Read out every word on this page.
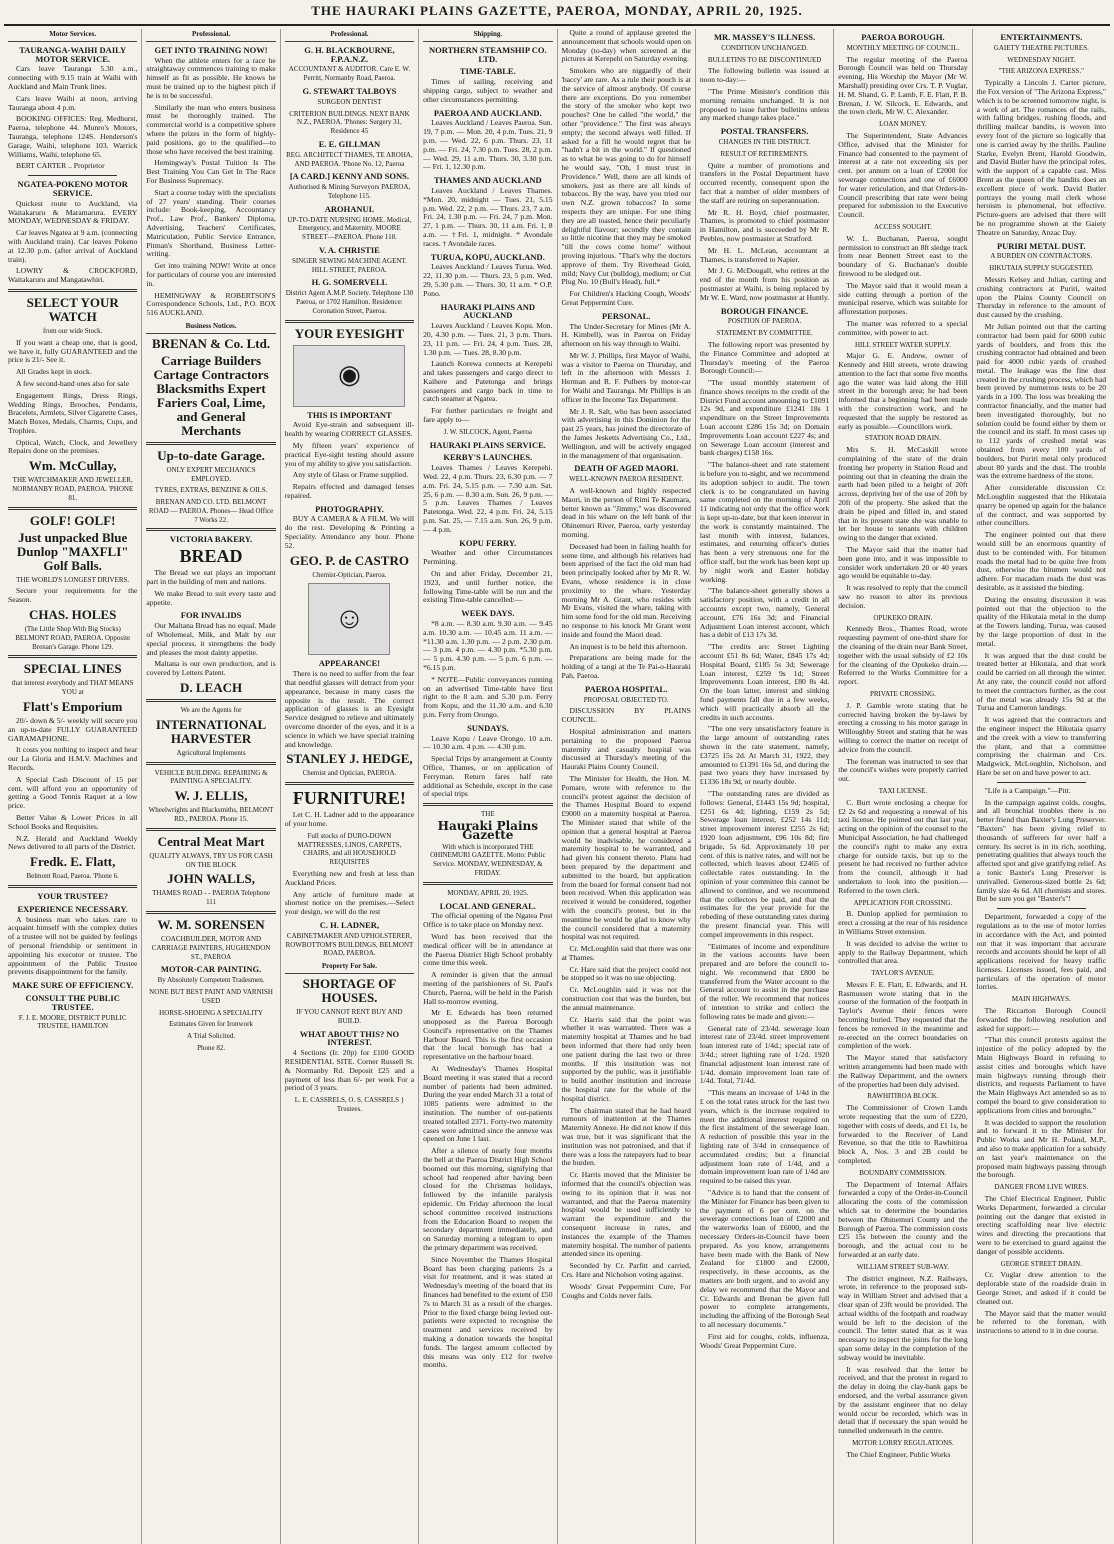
THE HAURAKI PLAINS GAZETTE, PAEROA, MONDAY, APRIL 20, 1925.
Motor Services.
TAURANGA-WAIHI DAILY MOTOR SERVICE.

Cars leave Tauranga 5.30 a.m., connecting with 9.15 train at Waihi with Auckland and Main Trunk lines.

Cars leave Waihi at noon, arriving Tauranga about 4 p.m.

BOOKING OFFICES: Reg. Medhurst, Paeroa, telephone 44. Munro's Motors, Tauranga, telephone 124S. Henderson's Garage, Waihi, telephone 103. Warrick Williams, Waihi, telephone 65.

BERT CARTER .. Proprietor

NGATEA-POKENO MOTOR SERVICE.

Quickest route to Auckland, via Waitakaruru & Maramarura. EVERY MONDAY, WEDNESDAY & FRIDAY.

Car leaves Ngatea at 9 a.m. (connecting with Auckland train). Car leaves Pokeno at 12.30 p.m. (after arrival of Auckland train).

LOWRY & CROCKFORD, Waitakaruru and Mangatawhiri.

SELECT YOUR WATCH
from our wide Stock.

If you want a cheap one, that is good, we have it, fully GUARANTEED and the price is 21/- See it.

All Grades kept in stock.

A few second-hand ones also for sale

Engagement Rings, Dress Rings, Wedding Rings, Brooches, Pendants, Bracelets, Armlets, Silver Cigarette Cases, Match Boxes, Medals, Charms, Cups, and Trophies.

Optical, Watch, Clock, and Jewellery Repairs done on the premises.

Wm. McCullay,
THE WATCHMAKER AND JEWELLER, NORMANBY ROAD, PAEROA. 'PHONE 81.
GOLF! GOLF!
Just unpacked Blue Dunlop "MAXFLI" Golf Balls.
THE WORLD'S LONGEST DRIVERS.

Secure your requirements for the Season.

CHAS. HOLES
(The Little Shop With Big Stocks) BELMONT ROAD, PAEROA. Opposite Brenan's Garage. Phone 129.
SPECIAL LINES
that interest everybody and THAT MEANS YOU at
Flatt's Emporium

20/- down & 5/- weekly will secure you an up-to-date FULLY GUARANTEED GARAMAPHONE.

It costs you nothing to inspect and hear our La Gloria and H.M.V. Machines and Records.

A Special Cash Discount of 15 per cent. will afford you an opportunity of getting a Good Tennis Raquet at a low price.

Better Value & Lower Prices in all School Books and Requisites.

N.Z. Herald and Auckland Weekly News delivered to all parts of the District.

Fredk. E. Flatt,
Belmont Road, Paeroa. 'Phone 6.
YOUR TRUSTEE?
EXPERIENCE NECESSARY.

A business man who takes care to acquaint himself with the complex duties of a trustee will not be guided by feelings of personal friendship or sentiment in appointing his executor or trustee. The appointment of the Public Trustee prevents disappointment for the family.

MAKE SURE OF EFFICIENCY.
CONSULT THE PUBLIC TRUSTEE.
F. J. E. MOORE, DISTRICT PUBLIC TRUSTEE, HAMILTON
Professional.
GET INTO TRAINING NOW!

When the athlete enters for a race he straightaway commences training to make himself as fit as possible. He knows he must be trained up to the highest pitch if he is to be successful.

Similarly the man who enters business must be thoroughly trained. The commercial world is a competitive sphere where the prizes in the form of highly-paid positions, go to the qualified—to those who have received the best training.

Hemingway's Postal Tuition Is The Best Training You Can Get In The Race For Business Supremacy.

Start a course today with the specialists of 27 years' standing. Their courses include: Book-keeping, Accountancy Prof., Law Prof., Bankers' Diploma, Advertising, Teachers' Certificates, Matriculation, Public Service Entrance, Pitman's Shorthand, Business Letter-writing.

Get into training NOW! Write at once for particulars of course you are interested in.

HEMINGWAY & ROBERTSON'S Correspondence Schools, Ltd., P.O. BOX 516 AUCKLAND.

Business Notices.
BRENAN & Co. Ltd.
Carriage Builders Cartage Contractors Blacksmiths Expert Fariers Coal, Lime, and General Merchants
Up-to-date Garage.
ONLY EXPERT MECHANICS EMPLOYED.
TYRES, EXTRAS, BENZINE & OILS.
BRENAN AND CO. LTD. BELMONT ROAD — PAEROA. Phones— Head Office 7 Works 22.
VICTORIA BAKERY.
BREAD

The Bread we eat plays an important part in the building of men and nations.

We make Bread to suit every taste and appetite.

FOR INVALIDS

Our Maltana Bread has no equal. Made of Wholemeal, Milk, and Malt by our special process, it strengthens the body and pleases the most dainty appetite.

Maltana is our own production, and is covered by Letters Patent.

D. LEACH
We are the Agents for
INTERNATIONAL HARVESTER
Agricultural Implements
VEHICLE BUILDING. REPAIRING & PAINTING A SPECIALITY.
W. J. ELLIS,
Wheelwrights and Blacksmiths, BELMONT RD., PAEROA. Phone 15.
Central Meat Mart
QUALITY ALWAYS, TRY US FOR CASH ON THE BLOCK
JOHN WALLS,
THAMES ROAD - - PAEROA Telephone 111
W. M. SORENSEN
COACHBUILDER, MOTOR AND CARRIAGE PAINTERS, HUGHENDON ST., PAEROA
MOTOR-CAR PAINTING.
By Absolutely Competent Tradesmen.
NONE BUT BEST PAINT AND VARNISH USED
HORSE-SHOEING A SPECIALITY
Estimates Given for Ironwork
A Trial Solicited.
Phone 82.
Professional.
G. H. BLACKBOURNE, F.P.A.N.Z.
ACCOUNTANT & AUDITOR. Care E. W. Perritt, Normanby Road, Paeroa.
G. STEWART TALBOYS
SURGEON DENTIST
CRITERION BUILDINGS. NEXT BANK N.Z., PAEROA. 'Phones: Surgery 31, Residence 45
E. E. GILLMAN
REG. ARCHITECT THAMES, TE AROHA, AND PAEROA. 'Phone No. 12, Paeroa
[A CARD.] KENNY AND SONS.
Authorised & Mining Surveyors PAEROA, Telephone 115.
AROHANUI.
UP-TO-DATE NURSING HOME. Medical, Emergency, and Maternity. MOORE STREET—PAEROA. Phone 118.
V. A. CHRISTIE
SINGER SEWING MACHINE AGENT. HILL STREET, PAEROA.
H. G. SOMERVELL
District Agent A.M.P. Society. Telephone 130 Paeroa, or 1702 Hamilton. Residence: Coronation Street, Paeroa.
YOUR EYESIGHT
◉
THIS IS IMPORTANT

Avoid Eye-strain and subsequent ill-health by wearing CORRECT GLASSES.

My fifteen years' experience of practical Eye-sight testing should assure you of my ability to give you satisfaction.

Any style of Glass or Frame supplied.

Repairs effected and damaged lenses repaired.

PHOTOGRAPHY.

BUY A CAMERA & A FILM. We will do the rest. Developing & Printing a Speciality. Attendance any hour. Phone 52.

GEO. P. de CASTRO
Chemist-Optician, Paeroa.
☺
APPEARANCE!

There is no need to suffer from the fear that needful glasses will detract from your appearance, because in many cases the opposite is the result. The correct application of glasses is an Eyesight Service designed to relieve and ultimately overcome disorder of the eyes, and it is a science in which we have special training and knowledge.

STANLEY J. HEDGE,
Chemist and Optician, PAEROA.
FURNITURE!

Let C. H. Ladner add to the appearance of your home.

Full stocks of DURO-DOWN MATTRESSES, LINOS, CARPETS, CHAIRS, and all HOUSEHOLD REQUISITES

Everything new and fresh at less than Auckland Prices.

Any article of furniture made at shortest notice on the premises.—Select your design, we will do the rest

C. H. LADNER,
CABINETMAKER AND UPHOLSTERER, ROWBOTTOM'S BUILDINGS, BELMONT ROAD, PAEROA.
Property For Sale.
SHORTAGE OF HOUSES.
IF YOU CANNOT RENT BUY AND BUILD.
WHAT ABOUT THIS? NO INTEREST.

4 Sections (Ir. 20p) for £100 GOOD RESIDENTIAL SITE. Corner Russell St. & Normanby Rd. Deposit £25 and a payment of less than 6/- per week For a period of 3 years.

L. E. CASSRELS, O. S. CASSRELS } Trustees.
Shipping.
NORTHERN STEAMSHIP CO. LTD.
TIME-TABLE.

Times of sailing, receiving and shipping cargo, subject to weather and other circumstances permitting.

PAEROA AND AUCKLAND.

Leaves Auckland / Leaves Paeroa. Sun. 19, 7 p.m. — Mon. 20, 4 p.m. Tues. 21, 9 p.m. — Wed. 22, 6 p.m. Thurs. 23, 11 p.m. — Fri. 24, 7.30 p.m. Tues. 28, 2 p.m. — Wed. 29, 11 a.m. Thurs. 30, 3.30 p.m. — Fri. 1, 12.30 p.m.

THAMES AND AUCKLAND

Leaves Auckland / Leaves Thames. *Mon. 20, midnight — Tues. 21, 5.15 p.m. Wed. 22, 2 p.m. — Thurs. 23, 7 a.m. Fri. 24, 1.30 p.m. — Fri. 24, 7 p.m. Mon. 27, 1 p.m. — Thurs. 30, 11 a.m. Fri. 1, 8 a.m. — †Fri. 1, midnight. * Avondale races. † Avondale races.

TURUA, KOPU, AUCKLAND.

Leaves Auckland / Leaves Turua. Wed. 22, 11.30 p.m. — Thurs. 23, 5 p.m. Wed. 29, 5.30 p.m. — Thurs. 30, 11 a.m. * O.P. Pono.

HAURAKI PLAINS AND AUCKLAND

Leaves Auckland / Leaves Kopu. Mon. 20, 4.30 p.m. — Tues. 21, 3 p.m. Thurs. 23, 11 p.m. — Fri. 24, 4 p.m. Tues. 28, 1.30 p.m. — Tues. 28, 8.30 p.m.

Launch Korewa connects at Kerepehi and takes passengers and cargo direct to Kaihere and Patetonga and brings passengers and cargo back in time to catch steamer at Ngatea.

For further particulars re freight and fare apply to—

J. W. SILCOCK, Agent, Paeroa
HAURAKI PLAINS SERVICE.
KERBY'S LAUNCHES.

Leaves Thames / Leaves Kerepehi. Wed. 22, 4 p.m. Thurs. 23, 6.30 p.m. — 7 a.m. Fri. 24, 5.15 p.m. — 7.30 a.m. Sat. 25, 6 p.m. — 8.30 a.m. Sun. 26, 9 p.m. — 5 p.m. Leaves Thames / Leaves Patetonga. Wed. 22, 4 p.m. Fri. 24, 5.15 p.m. Sat. 25, — 7.15 a.m. Sun. 26, 9 p.m. — 4 p.m.

KOPU FERRY.

Weather and other Circumstances Permitting.

On and after Friday, December 21, 1923, and until further notice, the following Time-table will be run and the existing Time-table cancelled:—

WEEK DAYS.

*8 a.m. — 8.30 a.m. 9.30 a.m. — 9.45 a.m. 10.30 a.m. — 10.45 a.m. 11 a.m. — *11.30 a.m. 1.30 p.m. — 2 p.m. 2.30 p.m. — 3 p.m. 4 p.m. — 4.30 p.m. *5.30 p.m. — 5 p.m. 4.30 p.m. — 5 p.m. 6 p.m. — *6.15 p.m.

* NOTE—Public conveyances running on an advertised Time-table have first right to the 8 a.m. and 5.30 p.m. Ferry from Kopu, and the 11.30 a.m. and 6.30 p.m. Ferry from Orongo.

SUNDAYS.

Leave Kopu / Leave Orongo. 10 a.m. — 10.30 a.m. 4 p.m. — 4.30 p.m.

Special Trips by arrangement at County Office, Thames, or on application of Ferryman. Return fares half rate additional as Schedule, except in the case of special trips

THE
Hauraki Plains Gazette
With which is incorporated THE OHINEMURI GAZETTE. Motto: Public Service. MONDAY, WEDNESDAY, & FRIDAY.
MONDAY, APRIL 20, 1925.
LOCAL AND GENERAL.

The official opening of the Ngatea Post Office is to take place on Monday next.

Word has been received that the medical officer will be in attendance at the Paeroa District High School probably come time this week.

A reminder is given that the annual meeting of the parishioners of St. Paul's Church, Paeroa, will be held in the Parish Hall to-morrow evening.

Mr E. Edwards has been returned unopposed as the Paeroa Borough Council's representative on the Thames Harbour Board. This is the first occasion that the local borough has had a representative on the harbour board.

At Wednesday's Thames Hospital Board meeting it was stated that a record number of patients had been admitted. During the year ended March 31 a total of 1085 patients were admitted to the institution. The number of out-patients treated totalled 2371. Forty-two maternity cases were admitted since the annexe was opened on June 1 last.

After a silence of nearly four months the bell at the Paeroa District High School boomed out this morning, signifying that school had reopened after having been closed for the Christmas holidays, followed by the infantile paralysis epidemic. On Friday afternoon the local school committee received instructions from the Education Board to reopen the secondary department immediately, and on Saturday morning a telegram to open the primary department was received.

Since November the Thames Hospital Board has been charging patients 2s a visit for treatment, and it was stated at Wednesday's meeting of the board that its finances had benefited to the extent of £50 7s to March 31 as a result of the charges. Prior to the fixed charge being levied out-patients were expected to recognise the treatment and services received by making a donation towards the hospital funds. The largest amount collected by this means was only £12 for twelve months.

Quite a round of applause greeted the announcement that schools would open on Monday (to-day) when screened at the pictures at Kerepehi on Saturday evening.

Smokers who are niggardly of their 'baccy' are rare. As a rule their pouch is at the service of almost anybody. Of course there are exceptions. Do you remember the story of the smoker who kept two pouches? One he called "the world," the other "providence." The first was always empty; the second always well filled. If asked for a fill he would regret that he "hadn't a bit in the world." If questioned as to what he was going to do for himself he would say, "Oh, I must trust in Providence." Well, there are all kinds of smokers, just as there are all kinds of tobaccos. By the way, have you tried our own N.Z. grown tobaccos? In some respects they are unique. For one thing they are all toasted, hence their peculiarly delightful flavour; secondly they contain so little nicotine that they may be smoked "till the cows come home" without proving injurious. "That's why the doctors approve of them. Try Riverhead Gold, mild; Navy Cut (bulldog), medium; or Cut Plug No. 10 (Bull's Head), full.*

For Children's Hacking Cough, Woods' Great Peppermint Cure.

PERSONAL.

The Under-Secretary for Mines (Mr A. H. Kimbell), was in Paeroa on Friday afternoon on his way through to Waihi.

Mr W. J. Phillips, first Mayor of Waihi, was a visitor to Paeroa on Thursday, and left in the afternoon with Messrs J. Herman and R. F. Pulbers by motor-car for Waihi and Tauranga. Mr Phillips is an officer in the Income Tax Department.

Mr J. R. Salt, who has been associated with advertising in this Dominion for the past 25 years, has joined the directorate of the James Jesketts Advertising Co., Ltd., Wellington, and will be actively engaged in the management of that organisation.

DEATH OF AGED MAORI.
WELL-KNOWN PAEROA RESIDENT.

A well-known and highly respected Maori, in the person of Rimi Te Kaumara, better known as "Jimmy," was discovered dead in his whare on the left bank of the Ohinemuri River, Paeroa, early yesterday morning.

Deceased had been in failing health for some time, and although his relatives had been apprised of the fact the old man had been principally looked after by Mr R. W. Evans, whose residence is in close proximity to the whare. Yesterday morning Mr A. Grant, who resides with Mr Evans, visited the whare, taking with him some food for the old man. Receiving no response to his knock Mr Grant went inside and found the Maori dead.

An inquest is to be held this afternoon.

Preparations are being made for the holding of a tangi at the Te Pai-o-Hauraki Pah, Paeroa.

PAEROA HOSPITAL.
PROPOSAL OBJECTED TO.

DISCUSSION BY PLAINS COUNCIL.

Hospital administration and matters pertaining to the proposed Paeroa maternity and casualty hospital was discussed at Thursday's meeting of the Hauraki Plains County Council.

The Minister for Health, the Hon. M. Pomare, wrote with reference to the council's protest against the decision of the Thames Hospital Board to expend £9000 on a maternity hospital at Paeroa. The Minister stated that while of the opinion that a general hospital at Paeroa would be inadvisable, he considered a maternity hospital to be warranted, and had given his consent thereto. Plans had been prepared by the department and submitted to the board, but application from the board for formal consent had not been received. When this application was received it would be considered, together with the council's protest, but in the meantime he would be glad to know why the council considered that a maternity hospital was not required.

Cr. McLoughlin said that there was one at Thames.

Cr. Hare said that the project could not be stopped so it was no use objecting.

Cr. McLoughlin said it was not the construction cost that was the burden, but the annual maintenance.

Cr. Harris said that the point was whether it was warranted. There was a maternity hospital at Thames and he had been informed that there had only been one patient during the last two or three months. If this institution was not supported by the public, was it justifiable to build another institution and increase the hospital rate for the whole of the hospital district.

The chairman stated that he had heard rumours of inattention at the Thames Maternity Annexe. He did not know if this was true, but it was significant that the institution was not patronised, and that if there was a loss the ratepayers had to bear the burden.

Cr. Harris moved that the Minister be informed that the council's objection was owing to its opinion that it was not warranted, and that the Paeroa maternity hospital would be used sufficiently to warrant the expenditure and the consequent increase in rates, and instances the example of the Thames maternity hospital. The number of patients attended since its opening.

Seconded by Cr. Parfitt and carried, Crs. Hare and Nicholson voting against.

Woods' Great Peppermint Cure, For Coughs and Colds never fails.

MR. MASSEY'S ILLNESS.
CONDITION UNCHANGED.
BULLETINS TO BE DISCONTINUED

The following bulletin was issued at noon to-day:—

"The Prime Minister's condition this morning remains unchanged. It is not proposed to issue further bulletins unless any marked change takes place."

POSTAL TRANSFERS.
CHANGES IN THE DISTRICT.
RESULT OF RETIREMENTS.

Quite a number of promotions and transfers in the Postal Department have occurred recently, consequent upon the fact that a number of older members of the staff are retiring on superannuation.

Mr R. H. Boyd, chief postmaster, Thames, is promoted to chief postmaster in Hamilton, and is succeeded by Mr R. Peebles, now postmaster at Stratford.

Mr H. L. McLean, accountant at Thames, is transferred to Napier.

Mr J. G. McDougall, who retires at the end of the month from his position as postmaster at Waihi, is being replaced by Mr W. E. Ward, now postmaster at Huntly.

BOROUGH FINANCE.
POSITION OF PAEROA.
STATEMENT BY COMMITTEE.

The following report was presented by the Finance Committee and adopted at Thursday's meeting of the Paeroa Borough Council:—

"The usual monthly statement of finance shows receipts to the credit of the District Fund account amounting to £1091 12s 9d, and expenditure £1241 18s 1 expenditure on the Street Improvements Loan account £286 15s 3d; on Domain Improvements Loan account £227 4s; and on Sewerage Loan account (interest and bank charges) £158 16s.

"The balance-sheet and rate statement is before you to-night, and we recommend its adoption subject to audit. The town clerk is to be congratulated on having same completed on the morning of April 11 indicating not only that the office work is kept up-to-date, but that keen interest in the work is constantly maintained. The last month with interest, balances, estimates, and returning officer's duties has been a very strenuous one for the office staff, but the work has been kept up by night work and Easter holiday working.

"The balance-sheet generally shows a satisfactory position, with a credit in all accounts except two, namely, General account, £76 16s 3d; and Financial Adjustment Loan interest account, which has a debit of £13 17s 3d.

"The credits are: Street Lighting account £51 8s 6d; Water, £845 17s 4d; Hospital Board, £185 5s 3d; Sewerage Loan interest, £259 9s 1d; Street Improvements Loan interest, £80 8s 4d. On the loan latter, interest and sinking fund payments fall due in a few weeks, which will practically absorb all the credits in such accounts.

"The one very unsatisfactory feature is the large amount of outstanding rates shown in the rate statement, namely, £3725 15s 2d. At March 31, 1922, they amounted to £1391 16s 5d, and during the past two years they have increased by £1336 18s 9d, or nearly double.

"The outstanding rates are divided as follows: General, £1443 15s 9d; hospital, £251 6s 4d; lighting, £159 2s 5d; Sewerage loan interest, £252 14s 11d; street improvement interest £255 2s 6d; 1920 loan adjustment, £96 10s 8d; fire brigade, 5s 6d. Approximately 10 per cent. of this is native rates, and will not be collected, which leaves about £2465 of collectable rates outstanding. In the opinion of your committee this cannot be allowed to continue, and we recommend that the collectors be paid, and that the estimates for the year provide for the rebeding of these outstanding rates during the present financial year. This will compel improvements in this respect.

"Estimates of income and expenditure in the various accounts have been prepared and are before the council to-night. We recommend that £800 be transferred from the Water account to the General account to assist in the purchase of the roller. We recommend that notices of intention to strike and collect the following rates be made and given:—

General rate of 23/4d. sewerage loan interest rate of 23/4d. street improvement loan interest rate of 1/4d.; special rate of 3/4d.; street lighting rate of 1/2d. 1920 financial adjustment loan interest rate of 1/4d. domain improvement loan rate of 1/4d. Total, 71/4d.

"This means an increase of 1/4d in the £ on the total rates struck for the last two years, which is the increase required to meet the additional interest required on the first instalment of the sewerage loan. A reduction of possible this year in the lighting rate of 3/4d in consequence of accumulated credits; but a financial adjustment loan rate of 1/4d, and a domain improvement loan rate of 1/4d are required to be raised this year.

"Advice is to hand that the consent of the Minister for Finance has been given to the payment of 6 per cent. on the sewerage connections loan of £2000 and the waterworks loan of £6000, and the necessary Orders-in-Council have been prepared. As you know, arrangements have been made with the Bank of New Zealand for £1800 and £2000, respectively, in these accounts, as the matters are both urgent, and to avoid any delay we recommend that the Mayor and Cr. Edwards and Brenan be given full power to complete arrangements, including the affixing of the Borough Seal to all necessary documents."

First aid for coughs, colds, influenza, Woods' Great Peppermint Cure.

PAEROA BOROUGH.
MONTHLY MEETING OF COUNCIL.

The regular meeting of the Paeroa Borough Council was held on Thursday evening, His Worship the Mayor (Mr W. Marshall) presiding over Crs. T. P. Vuglar, H. M. Shand, G. P. Lamb, F. E. Flatt, P. B. Brenan, J. W. Silcock, E. Edwards, and the town clerk, Mr W. C. Alexander.

LOAN MONEY.

The Superintendent, State Advances Office, advised that the Minister for Finance had consented to the payment of interest at a rate not exceeding six per cent. per annum on a loan of £2000 for sewerage connections and one of £6000 for water reticulation, and that Orders-in-Council prescribing that rate were being prepared for submission to the Executive Council.

ACCESS SOUGHT.

W. L. Buchanan, Paeroa, sought permission to construct an 8ft sledge track from near Bennett Street east to the boundary of G. Buchanan's double firewood to be sledged out.

The Mayor said that it would mean a side cutting through a portion of the municipal reserve, which was suitable for afforestation purposes.

The matter was referred to a special committee, with power to act.

HILL STREET WATER SUPPLY.

Major G. E. Andrew, owner of Kennedy and Hill streets, wrote drawing attention to the fact that some five months ago the water was laid along the Hill street in the borough area; he had been informed that a beginning had been made with the construction work, and he requested that the supply be restored as early as possible.—Councillors work.

STATION ROAD DRAIN.

Mrs S. H. McCaskill wrote complaining of the state of the drain fronting her property in Station Road and pointing out that in cleaning the drain the earth had been piled to a height of 20ft across, depriving her of the use of 20ft by 20ft of the property. She asked that the drain be piped and filled in, and stated that in its present state she was unable to let her house to tenants with children owing to the danger that existed.

The Mayor said that the matter had been gone into, and it was impossible to consider work undertaken 20 or 40 years ago would be equitable to-day.

It was resolved to reply that the council saw no reason to alter its previous decision.

OPUKEKO DRAIN.

Kennedy Bros., Thames Road, wrote requesting payment of one-third share for the cleaning of the drain near Bank Street, together with the usual subsidy of £2 10s for the cleaning of the Opukeko drain.—Referred to the Works Committee for a report.

PRIVATE CROSSING.

J. P. Gamble wrote stating that he corrected having broken the by-laws by erecting a crossing to his motor garage in Willoughby Street and stating that he was willing to correct the matter on receipt of advice from the council.

The foreman was instructed to see that the council's wishes were properly carried out.

TAXI LICENSE.

C. Burt wrote enclosing a cheque for £2 2s 6d and requesting a renewal of his taxi license. He pointed out that last year, acting on the opinion of the counsel to the Municipal Association, he had challenged the council's right to make any extra charge for outside taxis, but up to the present he had received no further advice from the council, although it had undertaken to look into the position.—Referred to the town clerk.

APPLICATION FOR CROSSING.

B. Dunlop applied for permission to erect a crossing at the rear of his residence in Williams Street extension.

It was decided to advise the writer to apply to the Railway Department, which controlled that area.

TAYLOR'S AVENUE.

Messrs F. E. Flatt, E. Edwards, and H. Rasmussen wrote stating that in the course of the formation of the footpath in Taylor's Avenue their fences were becoming buried. They requested that the fences be removed in the meantime and re-erected on the correct boundaries on completion of the work.

The Mayor stated that satisfactory written arrangements had been made with the Railway Department, and the owners of the properties had been duly advised.

RAWHITIROA BLOCK.

The Commissioner of Crown Lands wrote requesting that the sum of £220, together with costs of deeds, and £1 1s, be forwarded to the Receiver of Land Revenue, so that the title to Rawhitiroa block A, Nos. 3 and 2B could be completed.

BOUNDARY COMMISSION.

The Department of Internal Affairs forwarded a copy of the Order-in-Council allocating the costs of the commission which sat to determine the boundaries between the Ohinemuri County and the Borough of Paeroa. The commission costs £25 15s between the county and the borough, and the actual cost to be forwarded at an early date.

WILLIAM STREET SUB-WAY.

The district engineer, N.Z. Railways, wrote, in reference to the proposed sub-way in William Street and advised that a clear span of 23ft would be provided. The actual widths of the footpath and roadway would be left to the decision of the council. The letter stated that as it was necessary to inspect the joints for the long span some delay in the completion of the subway would be inevitable.

It was resolved that the letter be received, and that the protest in regard to the delay in doing the clay-bank gaps be endorsed, and the verbal assurance given by the assistant engineer that no delay would occur be recorded, which was in detail that if necessary the span would be tunnelled underneath in the centre.

MOTOR LORRY REGULATIONS.

The Chief Engineer, Public Works

ENTERTAINMENTS.
GAIETY THEATRE PICTURES.
WEDNESDAY NIGHT.
"THE ARIZONA EXPRESS."

Typically a Lincoln J. Carter picture, the Fox version of "The Arizona Express," which is to be screened tomorrow night, is a work of art. The romances of the rails, with falling bridges, rushing floods, and thrilling mailcar bandits, is woven into every foot of the picture so logically that one is carried away by the thrills. Pauline Starke, Evelyn Brent, Harold Goodwin, and David Butler have the principal roles, with the support of a capable cast. Miss Brent as the queen of the bandits does an excellent piece of work. David Butler portrays the young mail clerk whose heroism is phenomenal, but effective. Picture-goers are advised that there will be no programme shown at the Gaiety Theatre on Saturday, Anzac Day.

PURIRI METAL DUST.
A BURDEN ON CONTRACTORS.
HIKUTAIA SUPPLY SUGGESTED.

Messrs Kelsey and Julian, carting and crushing contractors at Puriri, waited upon the Plains County Council on Thursday in reference to the amount of dust caused by the crushing.

Mr Julian pointed out that the carting contractor had been paid for 6000 cubic yards of boulders, and from this the crushing contractor had obtained and been paid for 4000 cubic yards of crushed metal. The leakage was the fine dust created in the crushing process, which had been proved by numerous tests to be 20 yards in a 100. The loss was breaking the contractor financially, and the matter had been investigated thoroughly, but no solution could be found either by them or the council and its staff. In most cases up to 112 yards of crushed metal was obtained from every 100 yards of boulders, but Puriri metal only produced about 80 yards and the dust. The trouble was the extreme hardness of the stone.

After considerable discussion Cr. McLoughlin suggested that the Hikutaia quarry be opened up again for the balance of the contract, and was supported by other councillors.

The engineer pointed out that there would still be an enormous quantity of dust to be contended with. For bitumen roads the metal had to be quite free from dust, otherwise the bitumen would not adhere. For macadam roads the dust was desirable, as it assisted the binding.

During the ensuing discussion it was pointed out that the objection to the quality of the Hikutaia metal in the dump at the Towers landing, Turua, was caused by the large proportion of dust in the metal.

It was argued that the dust could be treated better at Hikutaia, and that work could be carried on all through the winter. At any rate, the council could not afford to meet the contractors further, as the cost of the metal was already 15s 9d at the Turua and Cameron landings.

It was agreed that the contractors and the engineer inspect the Hikutaia quarry and the creek with a view to transferring the plant, and that a committee comprising the chairman and Crs. Madgwick, McLoughlin, Nicholson, and Hare be set on and have power to act.

"Life is a Campaign."—Pitt.

In the campaign against colds, coughs, and all bronchial troubles there is no better friend than Baxter's Lung Preserver. "Baxters" has been giving relief to thousands of sufferers for over half a century. Its secret is in its rich, soothing, penetrating qualities that always touch the affected spot and give gratifying relief. As a tonic Baxter's Lung Preserver is unrivalled. Generous-sized bottle 2s 6d; family size 4s 6d. All chemists and stores. But be sure you get "Baxter's"!

Department, forwarded a copy of the regulations as to the use of motor lorries in accordance with the Act, and pointed out that it was important that accurate records and accounts should be kept of all applications received for heavy traffic licenses. Licenses issued, fees paid, and particulars of the operation of motor lorries.

MAIN HIGHWAYS.

The Riccarton Borough Council forwarded the following resolution and asked for support:—

"That this council protests against the injustice of the policy adopted by the Main Highways Board in refusing to assist cities and boroughs which have main highways running through their districts, and requests Parliament to have the Main Highways Act amended so as to compel the board to give consideration to applications from cities and boroughs."

It was decided to support the resolution and to forward it to the Minister for Public Works and Mr H. Poland, M.P., and also to make application for a subsidy on last year's maintenance on the proposed main highways passing through the borough.

DANGER FROM LIVE WIRES.

The Chief Electrical Engineer, Public Works Department, forwarded a circular pointing out the danger that existed in erecting scaffolding near live electric wires and directing the precautions that were to be exercised to guard against the danger of possible accidents.

GEORGE STREET DRAIN.

Cr. Vuglar drew attention to the deplorable state of the roadside drain in George Street, and asked if it could be cleaned out.

The Mayor said that the matter would be referred to the foreman, with instructions to attend to it in due course.
